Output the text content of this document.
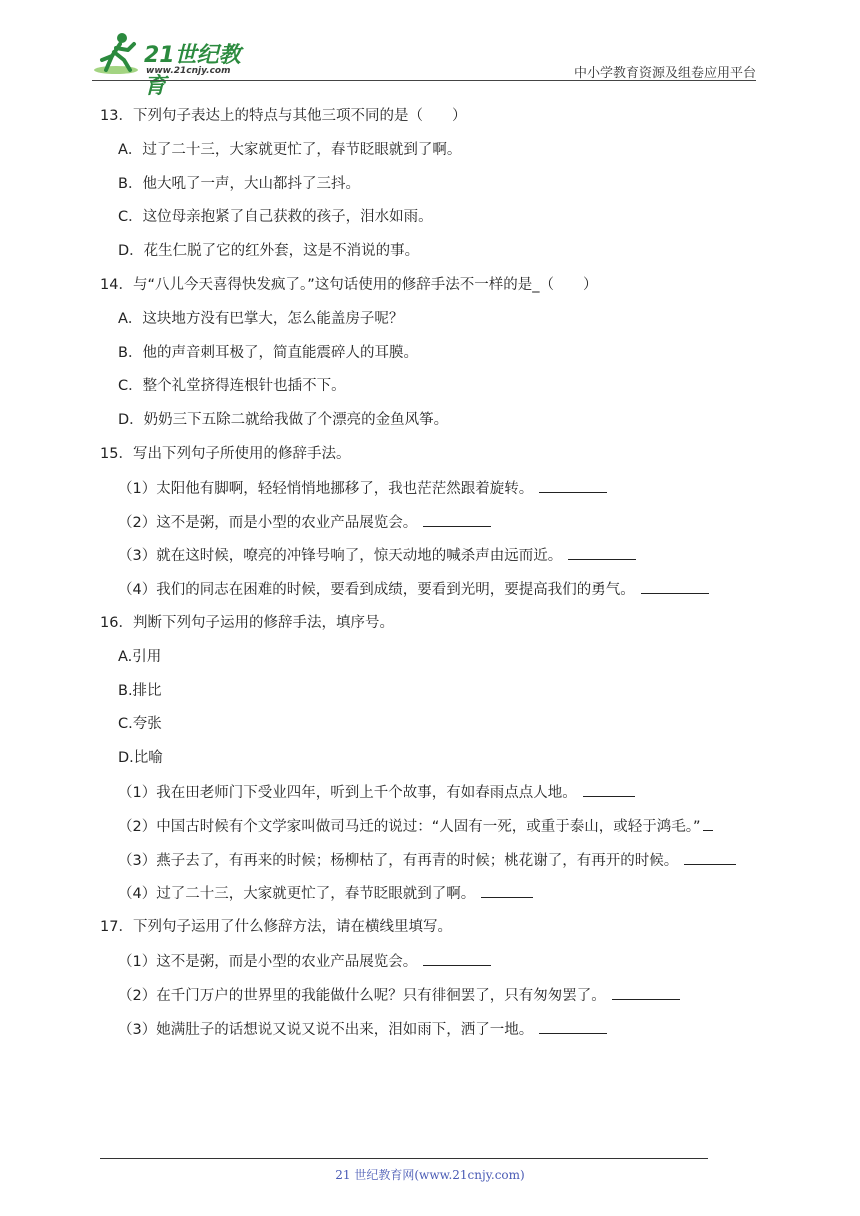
21世纪教育
www.21cnjy.com	中小学教育资源及组卷应用平台
13．下列句子表达上的特点与其他三项不同的是（　　）
A．过了二十三，大家就更忙了，春节眨眼就到了啊。
B．他大吼了一声，大山都抖了三抖。
C．这位母亲抱紧了自己获救的孩子，泪水如雨。
D．花生仁脱了它的红外套，这是不消说的事。
14．与“八儿今天喜得快发疯了。”这句话使用的修辞手法不一样的是_（　　）
A．这块地方没有巴掌大，怎么能盖房子呢？
B．他的声音刺耳极了，简直能震碎人的耳膜。
C．整个礼堂挤得连根针也插不下。
D．奶奶三下五除二就给我做了个漂亮的金鱼风筝。
15．写出下列句子所使用的修辞手法。
（1）太阳他有脚啊，轻轻悄悄地挪移了，我也茫茫然跟着旋转。
（2）这不是粥，而是小型的农业产品展览会。
（3）就在这时候，嘹亮的冲锋号响了，惊天动地的喊杀声由远而近。
（4）我们的同志在困难的时候，要看到成绩，要看到光明，要提高我们的勇气。
16．判断下列句子运用的修辞手法，填序号。
A.引用
B.排比
C.夸张
D.比喻
（1）我在田老师门下受业四年，听到上千个故事，有如春雨点点人地。
（2）中国古时候有个文学家叫做司马迁的说过：“人固有一死，或重于泰山，或轻于鸿毛。”
（3）燕子去了，有再来的时候；杨柳枯了，有再青的时候；桃花谢了，有再开的时候。
（4）过了二十三，大家就更忙了，春节眨眼就到了啊。
17．下列句子运用了什么修辞方法，请在横线里填写。
（1）这不是粥，而是小型的农业产品展览会。
（2）在千门万户的世界里的我能做什么呢？只有徘徊罢了，只有匆匆罢了。
（3）她满肚子的话想说又说又说不出来，泪如雨下，洒了一地。
21 世纪教育网(www.21cnjy.com)
